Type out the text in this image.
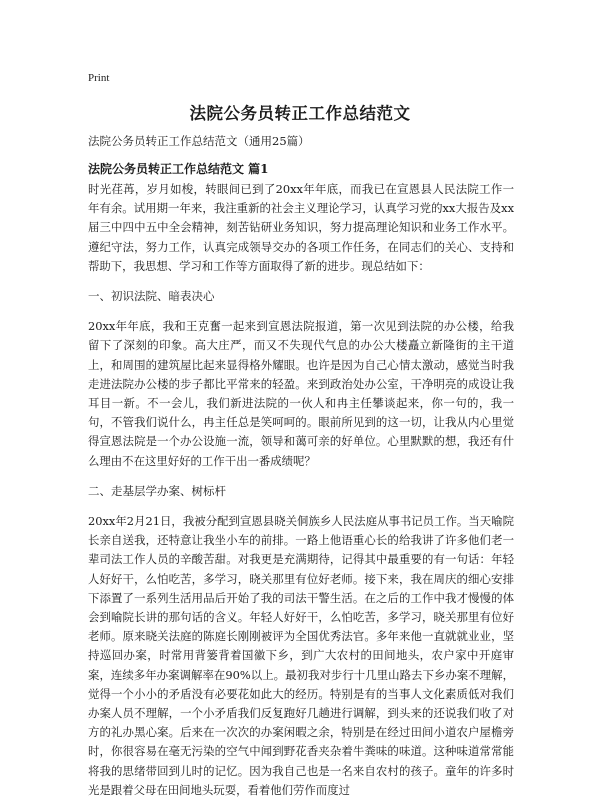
Print
法院公务员转正工作总结范文
法院公务员转正工作总结范文（通用25篇）
法院公务员转正工作总结范文 篇1

时光荏苒，岁月如梭，转眼间已到了20xx年年底，而我已在宣恩县人民法院工作一年有余。试用期一年来，我注重新的社会主义理论学习，认真学习党的xx大报告及xx届三中四中五中全会精神，刻苦钻研业务知识，努力提高理论知识和业务工作水平。遵纪守法，努力工作，认真完成领导交办的各项工作任务，在同志们的关心、支持和帮助下，我思想、学习和工作等方面取得了新的进步。现总结如下：

一、初识法院、暗表决心

20xx年年底，我和王克奮一起来到宣恩法院报道，第一次见到法院的办公楼，给我留下了深刻的印象。高大庄严，而又不失现代气息的办公大楼矗立新隆街的主干道上，和周围的建筑屋比起来显得格外耀眼。也许是因为自己心情太激动，感觉当时我走进法院办公楼的步子都比平常来的轻盈。来到政治处办公室，干净明亮的成设让我耳目一新。不一会儿，我们新进法院的一伙人和冉主任攀谈起来，你一句的，我一句，不管我们说什么，冉主任总是笑呵呵的。眼前所见到的这一切，让我从内心里觉得宣恩法院是一个办公设施一流，领导和蔼可亲的好单位。心里默默的想，我还有什么理由不在这里好好的工作干出一番成绩呢？

二、走基层学办案、树标杆

20xx年2月21日，我被分配到宣恩县晓关侗族乡人民法庭从事书记员工作。当天喻院长亲自送我，还特意让我坐小车的前排。一路上他语重心长的给我讲了许多他们老一辈司法工作人员的辛酸苦甜。对我更是充满期待，记得其中最重要的有一句话：年轻人好好干，么怕吃苦，多学习，晓关那里有位好老师。接下来，我在周庆的细心安排下添置了一系列生活用品后开始了我的司法干警生活。在之后的工作中我才慢慢的体会到喻院长讲的那句话的含义。年轻人好好干，么怕吃苦，多学习，晓关那里有位好老师。原来晓关法庭的陈庭长刚刚被评为全国优秀法官。多年来他一直就就业业，坚持巡回办案，时常用背篓背着国徽下乡，到广大农村的田间地头，农户家中开庭审案，连续多年办案调解率在90%以上。最初我对步行十几里山路去下乡办案不理解，觉得一个小小的矛盾没有必要花如此大的经历。特别是有的当事人文化素质低对我们办案人员不理解，一个小矛盾我们反复跑好几趟进行调解，到头来的还说我们收了对方的礼办黑心案。后来在一次次的办案闲暇之余，特别是在经过田间小道农户屋檐旁时，你很容易在毫无污染的空气中闻到野花香夹杂着牛粪味的味道。这种味道常常能将我的思绪带回到儿时的记忆。因为我自己也是一名来自农村的孩子。童年的许多时光是跟着父母在田间地头玩耍，看着他们劳作而度过
